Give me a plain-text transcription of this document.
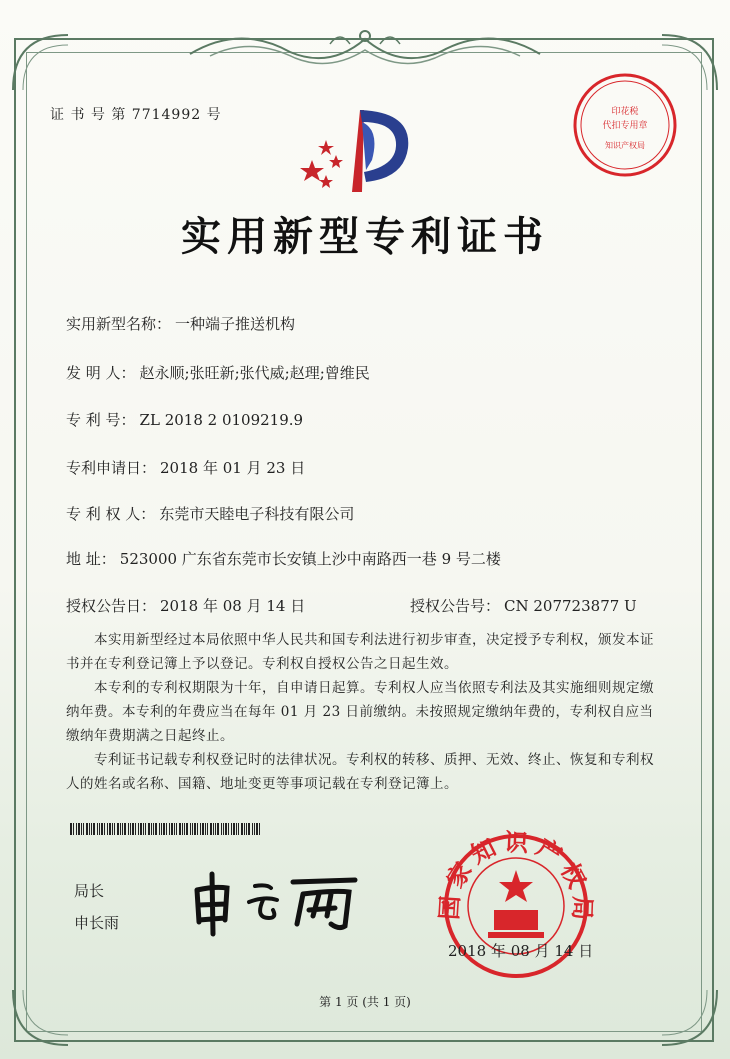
证 书 号 第 7714992 号
实用新型专利证书
实用新型名称： 一种端子推送机构
发 明 人： 赵永顺;张旺新;张代威;赵理;曾维民
专 利 号： ZL 2018 2 0109219.9
专利申请日： 2018 年 01 月 23 日
专 利 权 人： 东莞市天睦电子科技有限公司
地 址： 523000 广东省东莞市长安镇上沙中南路西一巷 9 号二楼
授权公告日： 2018 年 08 月 14 日	授权公告号： CN 207723877 U
本实用新型经过本局依照中华人民共和国专利法进行初步审查，决定授予专利权，颁发本证书并在专利登记簿上予以登记。专利权自授权公告之日起生效。
本专利的专利权期限为十年，自申请日起算。专利权人应当依照专利法及其实施细则规定缴纳年费。本专利的年费应当在每年 01 月 23 日前缴纳。未按照规定缴纳年费的，专利权自应当缴纳年费期满之日起终止。
专利证书记载专利权登记时的法律状况。专利权的转移、质押、无效、终止、恢复和专利权人的姓名或名称、国籍、地址变更等事项记载在专利登记簿上。
局长
申长雨
印花税
代扣专用章
知识产权局
国家知识产权局
2018 年 08 月 14 日
第 1 页 (共 1 页)
